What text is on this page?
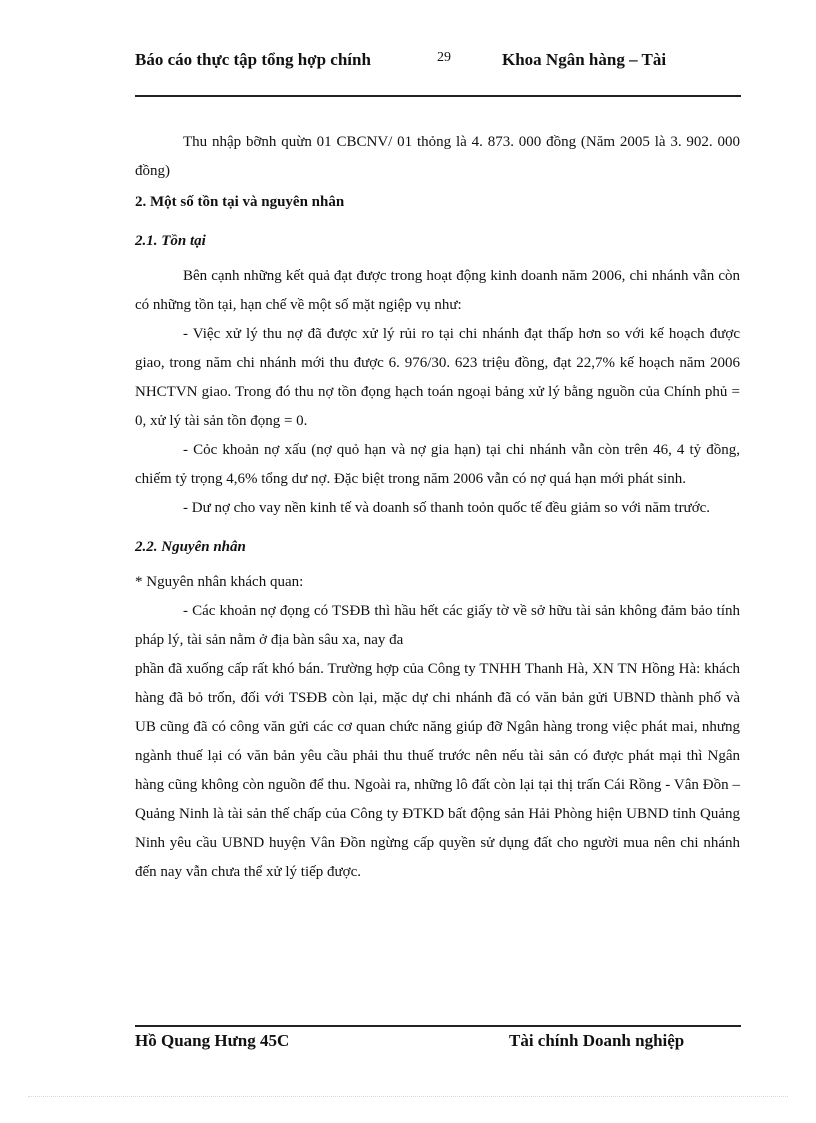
Báo cáo thực tập tổng hợp chính	29	Khoa Ngân hàng – Tài

Thu nhập bỡnh quừn 01 CBCNV/ 01 thỏng là 4. 873. 000 đồng (Năm 2005 là 3. 902. 000 đồng)

2. Một số tồn tại và nguyên nhân

2.1. Tồn tại

Bên cạnh những kết quả đạt được trong hoạt động kinh doanh năm 2006, chi nhánh vẫn còn có những tồn tại, hạn chế về một số mặt ngiệp vụ như:

- Việc xử lý thu nợ đã được xử lý rủi ro tại chi nhánh đạt thấp hơn so với kế hoạch được giao, trong năm chi nhánh mới thu được 6. 976/30. 623 triệu đồng, đạt 22,7% kế hoạch năm 2006 NHCTVN giao. Trong đó thu nợ tồn đọng hạch toán ngoại bảng xử lý bằng nguồn của Chính phủ = 0, xử lý tài sản tồn đọng = 0.

- Cỏc khoản nợ xấu (nợ quỏ hạn và nợ gia hạn) tại chi nhánh vẫn còn trên 46, 4 tỷ đồng, chiếm tỷ trọng 4,6% tổng dư nợ. Đặc biệt trong năm 2006 vẫn có nợ quá hạn mới phát sinh.

- Dư nợ cho vay nền kinh tế và doanh số thanh toỏn quốc tế đều giảm so với năm trước.

2.2. Nguyên nhân

* Nguyên nhân khách quan:

- Các khoản nợ đọng có TSĐB thì hầu hết các giấy tờ về sở hữu tài sản không đảm bảo tính pháp lý, tài sản nằm ở địa bàn sâu xa, nay đa

phần đã xuống cấp rất khó bán. Trường hợp của Công ty TNHH Thanh Hà, XN TN Hồng Hà: khách hàng đã bỏ trốn, đối với TSĐB còn lại, mặc dự chi nhánh đã có văn bản gửi UBND thành phố và UB cũng đã có công văn gửi các cơ quan chức năng giúp đỡ Ngân hàng trong việc phát mai, nhưng ngành thuế lại có văn bản yêu cầu phải thu thuế trước nên nếu tài sản có được phát mại thì Ngân hàng cũng không còn nguồn để thu. Ngoài ra, những lô đất còn lại tại thị trấn Cái Rồng - Vân Đồn – Quảng Ninh là tài sản thế chấp của Công ty ĐTKD bất động sản Hải Phòng hiện UBND tỉnh Quảng Ninh yêu cầu UBND huyện Vân Đồn ngừng cấp quyền sử dụng đất cho người mua nên chi nhánh đến nay vẫn chưa thể xử lý tiếp được.

Hồ Quang Hưng 45C	Tài chính Doanh nghiệp
